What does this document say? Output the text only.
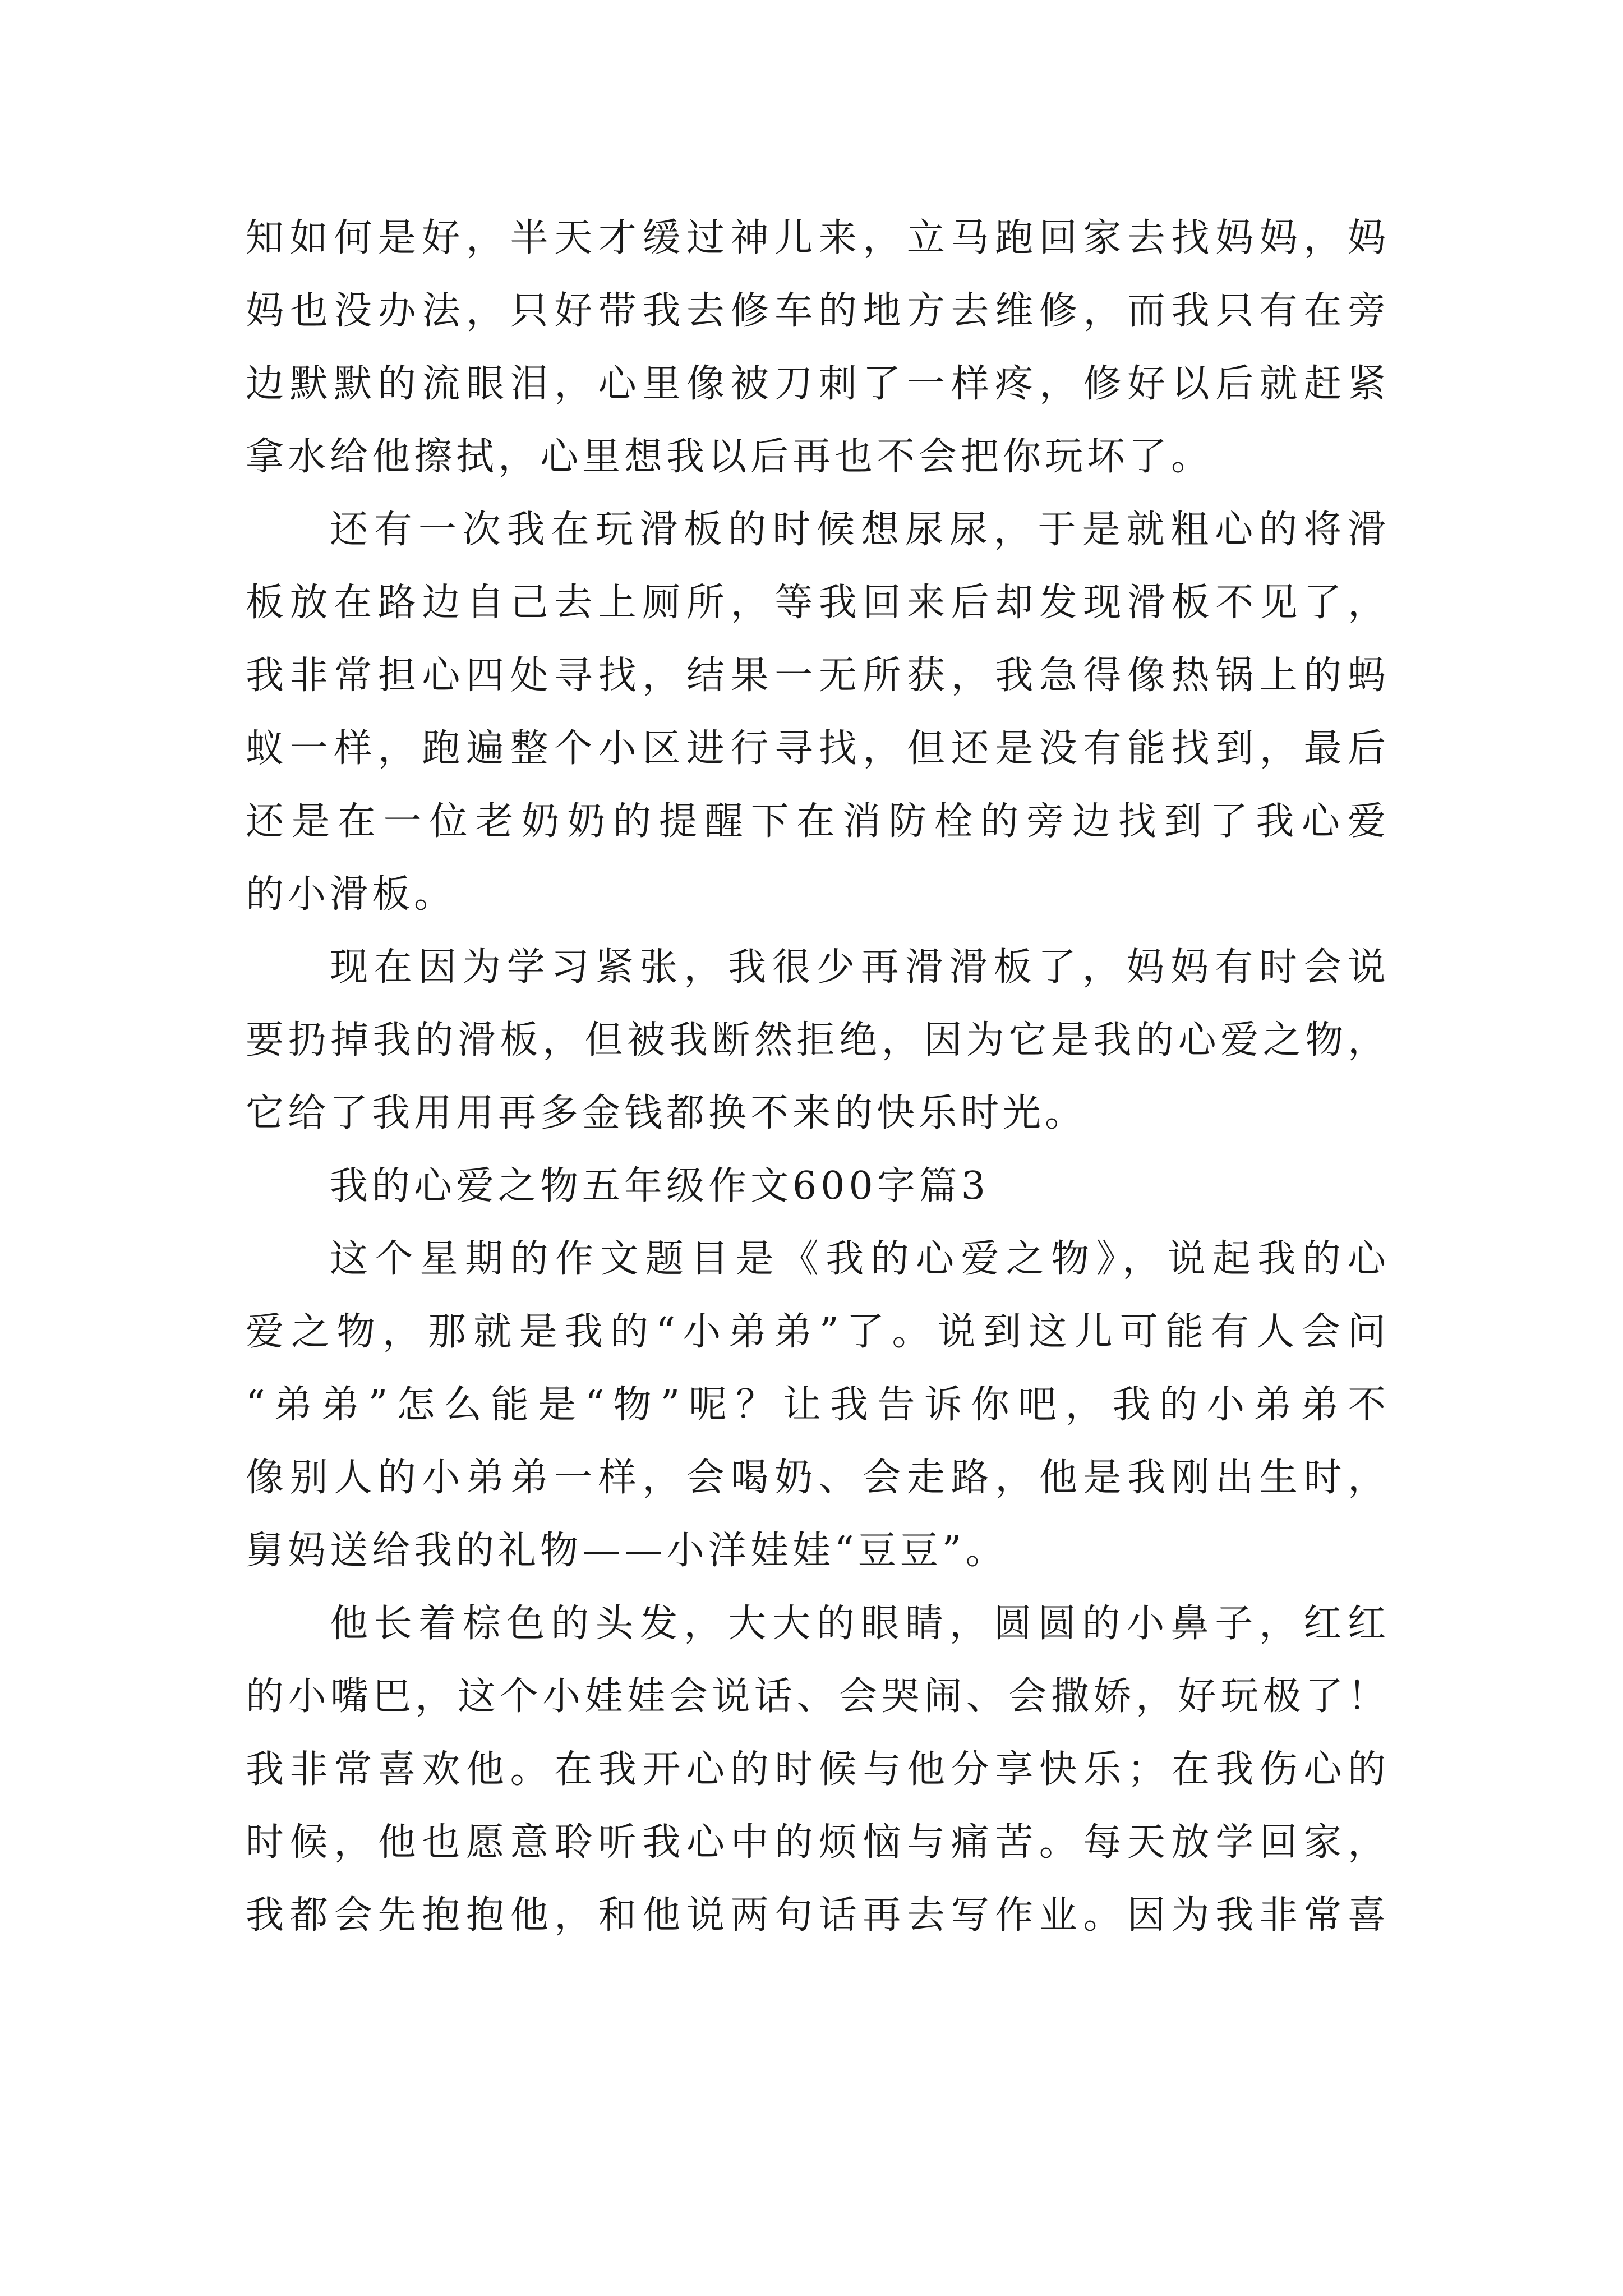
知如何是好，半天才缓过神儿来，立马跑回家去找妈妈，妈
妈也没办法，只好带我去修车的地方去维修，而我只有在旁
边默默的流眼泪，心里像被刀刺了一样疼，修好以后就赶紧
拿水给他擦拭，心里想我以后再也不会把你玩坏了。
还有一次我在玩滑板的时候想尿尿，于是就粗心的将滑
板放在路边自己去上厕所，等我回来后却发现滑板不见了，
我非常担心四处寻找，结果一无所获，我急得像热锅上的蚂
蚁一样，跑遍整个小区进行寻找，但还是没有能找到，最后
还是在一位老奶奶的提醒下在消防栓的旁边找到了我心爱
的小滑板。
现在因为学习紧张，我很少再滑滑板了，妈妈有时会说
要扔掉我的滑板，但被我断然拒绝，因为它是我的心爱之物，
它给了我用用再多金钱都换不来的快乐时光。
我的心爱之物五年级作文600字篇3
这个星期的作文题目是《我的心爱之物》，说起我的心
爱之物，那就是我的“小弟弟”了。说到这儿可能有人会问
“弟弟”怎么能是“物”呢？让我告诉你吧，我的小弟弟不
像别人的小弟弟一样，会喝奶、会走路，他是我刚出生时，
舅妈送给我的礼物——小洋娃娃“豆豆”。
他长着棕色的头发，大大的眼睛，圆圆的小鼻子，红红
的小嘴巴，这个小娃娃会说话、会哭闹、会撒娇，好玩极了！
我非常喜欢他。在我开心的时候与他分享快乐；在我伤心的
时候，他也愿意聆听我心中的烦恼与痛苦。每天放学回家，
我都会先抱抱他，和他说两句话再去写作业。因为我非常喜
